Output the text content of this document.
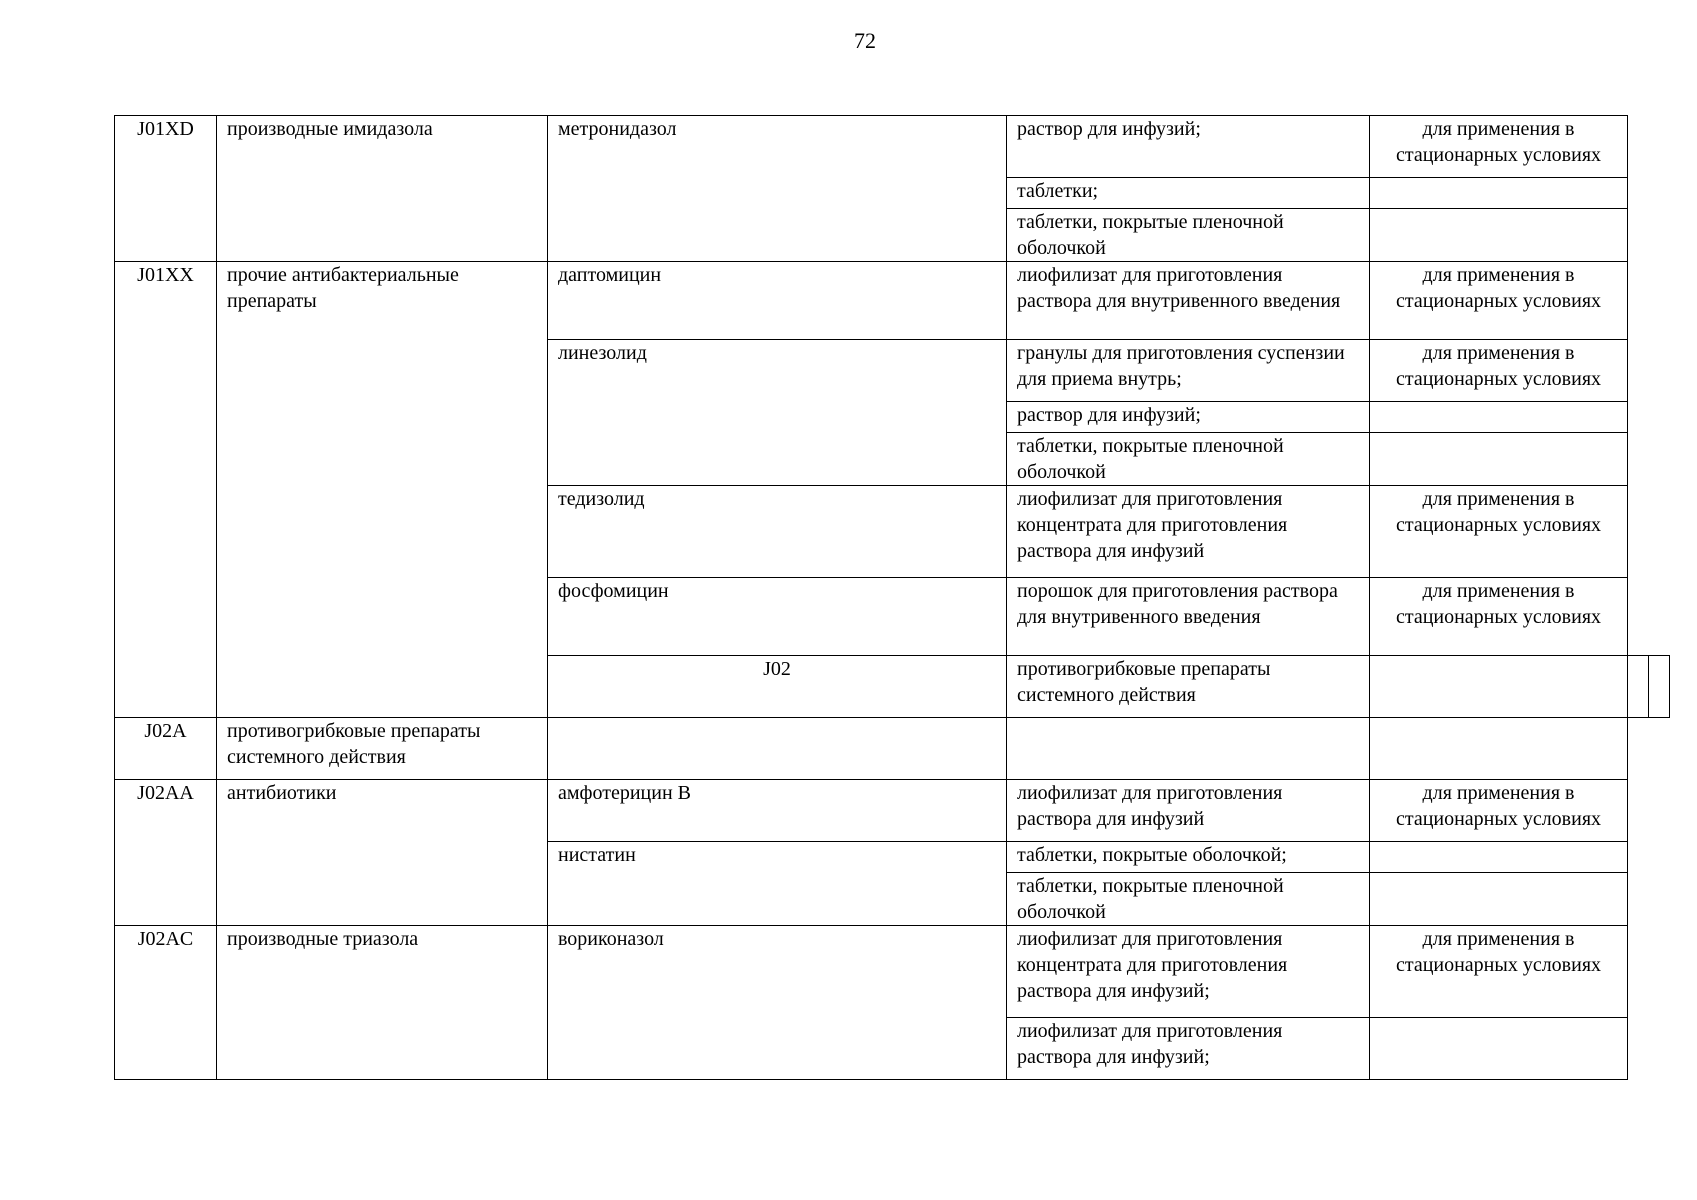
72
J01XD	производные имидазола	метронидазол	раствор для инфузий;	для применения в
стационарных условиях		
			таблетки;			
			таблетки, покрытые пленочной оболочкой			
J01XX	прочие антибактериальные препараты	даптомицин	лиофилизат для приготовления раствора для внутривенного введения	для применения в
стационарных условиях		
		линезолид	гранулы для приготовления суспензии для приема внутрь;	для применения в
стационарных условиях		
			раствор для инфузий;			
			таблетки, покрытые пленочной оболочкой			
		тедизолид	лиофилизат для приготовления концентрата для приготовления раствора для инфузий	для применения в
стационарных условиях		
		фосфомицин	порошок для приготовления раствора для внутривенного введения	для применения в
стационарных условиях		
		J02	противогрибковые препараты системного действия			
J02A	противогрибковые препараты системного действия					
J02AA	антибиотики	амфотерицин В	лиофилизат для приготовления раствора для инфузий	для применения в
стационарных условиях		
		нистатин	таблетки, покрытые оболочкой;			
			таблетки, покрытые пленочной оболочкой			
J02AC	производные триазола	вориконазол	лиофилизат для приготовления концентрата для приготовления раствора для инфузий;	для применения в
стационарных условиях		
			лиофилизат для приготовления раствора для инфузий;			
